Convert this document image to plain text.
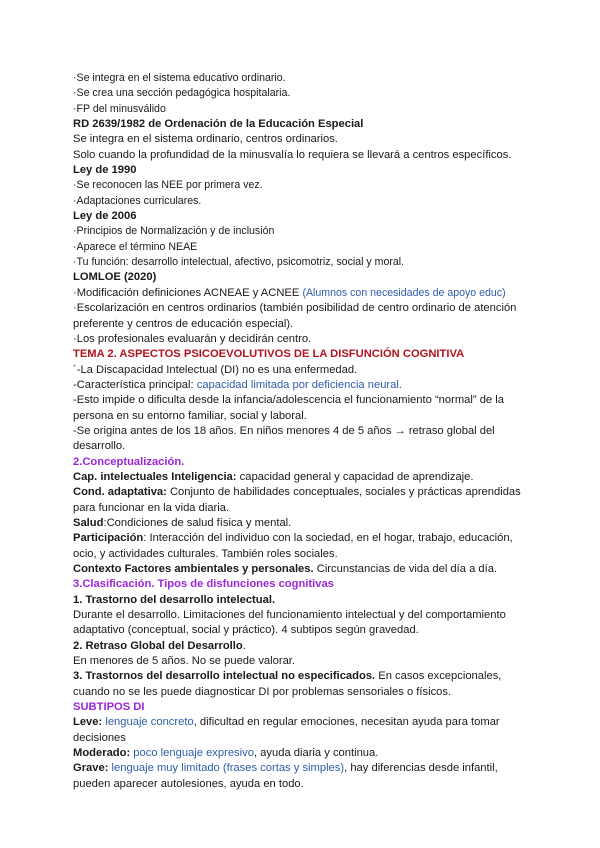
·Se integra en el sistema educativo ordinario.
·Se crea una sección pedagógica hospitalaria.
·FP del minusválido
RD 2639/1982 de Ordenación de la Educación Especial
Se integra en el sistema ordinario, centros ordinarios.
Solo cuando la profundidad de la minusvalía lo requiera se llevará a centros específicos.
Ley de 1990
·Se reconocen las NEE por primera vez.
·Adaptaciones curriculares.
Ley de 2006
·Principios de Normalización y de inclusión
·Aparece el término NEAE
·Tu función: desarrollo intelectual, afectivo, psicomotriz, social y moral.
LOMLOE (2020)
·Modificación definiciones ACNEAE y ACNEE (Alumnos con necesidades de apoyo educ)
·Escolarización en centros ordinarios (también posibilidad de centro ordinario de atención preferente y centros de educación especial).
·Los profesionales evaluarán y decidirán centro.
TEMA 2. ASPECTOS PSICOEVOLUTIVOS DE LA DISFUNCIÓN COGNITIVA
´-La Discapacidad Intelectual (DI) no es una enfermedad.
-Característica principal: capacidad limitada por deficiencia neural.
-Esto impide o dificulta desde la infancia/adolescencia el funcionamiento “normal” de la persona en su entorno familiar, social y laboral.
-Se origina antes de los 18 años. En niños menores 4 de 5 años → retraso global del desarrollo.
2.Conceptualización.
Cap. intelectuales Inteligencia: capacidad general y capacidad de aprendizaje.
Cond. adaptativa: Conjunto de habilidades conceptuales, sociales y prácticas aprendidas para funcionar en la vida diaria.
Salud:Condiciones de salud física y mental.
Participación: Interacción del individuo con la sociedad, en el hogar, trabajo, educación, ocio, y actividades culturales. También roles sociales.
Contexto Factores ambientales y personales. Circunstancias de vida del día a día.
3.Clasificación. Tipos de disfunciones cognitivas
1. Trastorno del desarrollo intelectual.
Durante el desarrollo. Limitaciones del funcionamiento intelectual y del comportamiento adaptativo (conceptual, social y práctico). 4 subtipos según gravedad.
2. Retraso Global del Desarrollo.
En menores de 5 años. No se puede valorar.
3. Trastornos del desarrollo intelectual no especificados. En casos excepcionales, cuando no se les puede diagnosticar DI por problemas sensoriales o físicos.
SUBTIPOS DI
Leve: lenguaje concreto, dificultad en regular emociones, necesitan ayuda para tomar decisiones
Moderado: poco lenguaje expresivo, ayuda diaria y continua.
Grave: lenguaje muy limitado (frases cortas y simples), hay diferencias desde infantil, pueden aparecer autolesiones, ayuda en todo.
